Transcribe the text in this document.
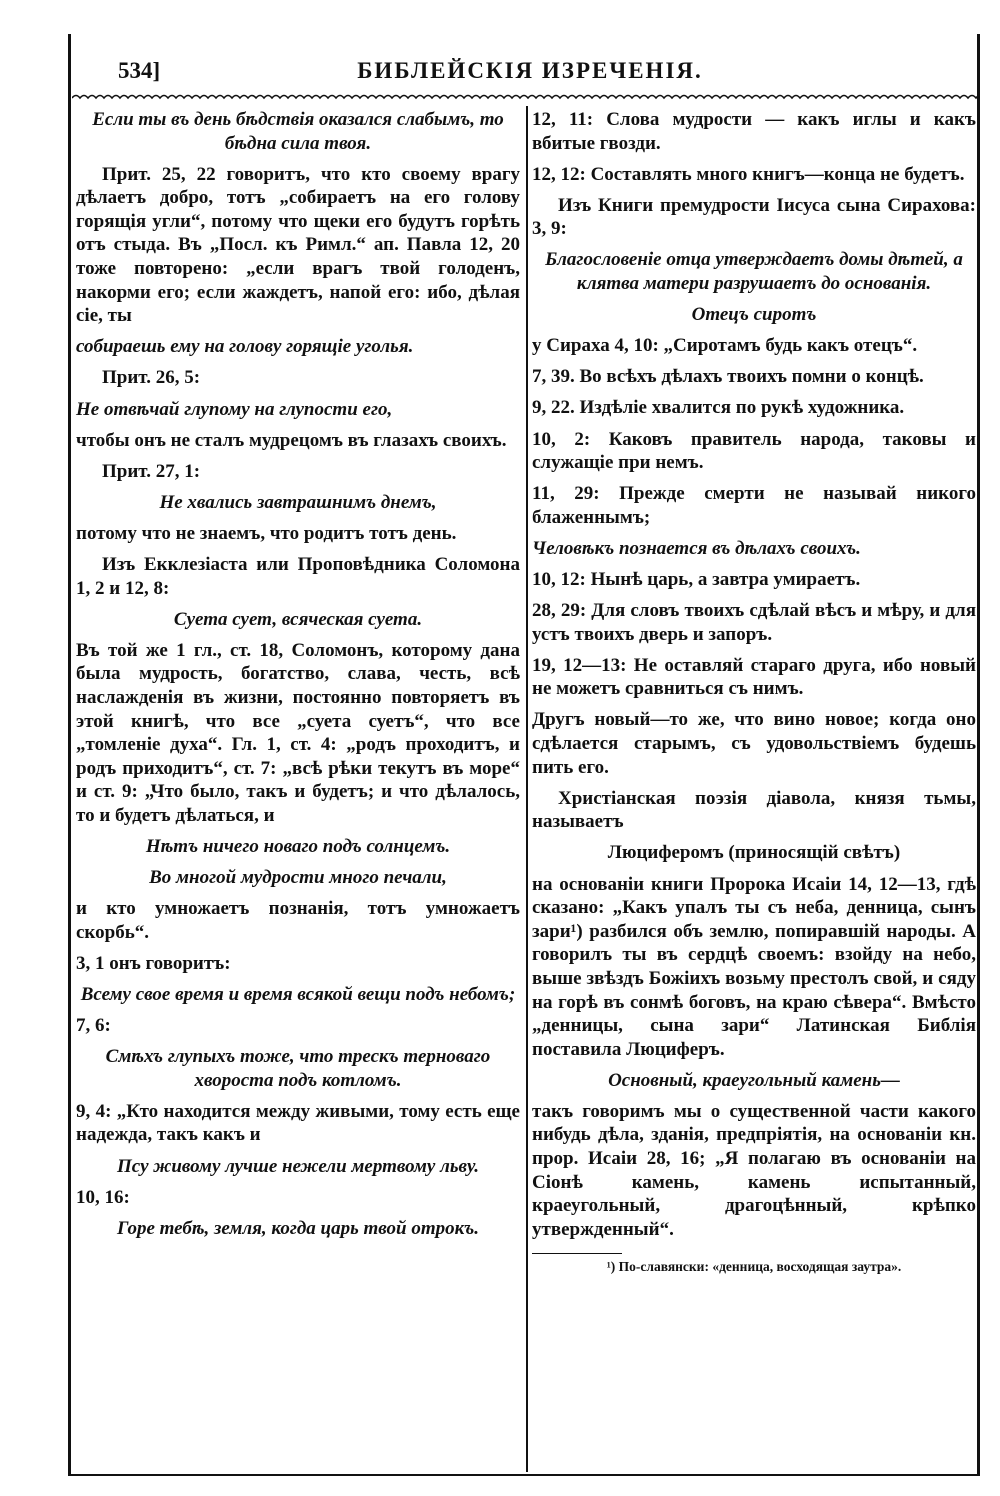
БИБЛЕЙСКІЯ ИЗРЕЧЕНІЯ.
534]

Если ты въ день бѣдствія оказался слабымъ, то бѣдна сила твоя.

Прит. 25, 22 говоритъ, что кто своему врагу дѣлаетъ добро, тотъ „собираетъ на его голову горящія угли“, потому что щеки его будутъ горѣть отъ стыда. Въ „Посл. къ Римл.“ ап. Павла 12, 20 тоже повторено: „если врагъ твой голоденъ, накорми его; если жаждетъ, напой его: ибо, дѣлая сіе, ты

собираешь ему на голову горящіе уголья.

Прит. 26, 5:

Не отвѣчай глупому на глупости его,

чтобы онъ не сталъ мудрецомъ въ глазахъ своихъ.

Прит. 27, 1:

Не хвались завтрашнимъ днемъ,

потому что не знаемъ, что родитъ тотъ день.

Изъ Екклезіаста или Проповѣдника Соломона 1, 2 и 12, 8:

Суета сует, всяческая суета.

Въ той же 1 гл., ст. 18, Соломонъ, которому дана была мудрость, богатство, слава, честь, всѣ наслажденія въ жизни, постоянно повторяетъ въ этой книгѣ, что все „суета суетъ“, что все „томленіе духа“. Гл. 1, ст. 4: „родъ проходитъ, и родъ приходитъ“, ст. 7: „всѣ рѣки текутъ въ море“ и ст. 9: „Что было, такъ и будетъ; и что дѣлалось, то и будетъ дѣлаться, и

Нѣтъ ничего новаго подъ солнцемъ.

Во многой мудрости много печали,

и кто умножаетъ познанія, тотъ умножаетъ скорбь“.

3, 1 онъ говоритъ:

Всему свое время и время всякой вещи подъ небомъ;

7, 6:

Смѣхъ глупыхъ тоже, что трескъ терноваго хвороста подъ котломъ.

9, 4: „Кто находится между живыми, тому есть еще надежда, такъ какъ и

Псу живому лучше нежели мертвому льву.

10, 16:

Горе тебѣ, земля, когда царь твой отрокъ.

12, 11: Слова мудрости — какъ иглы и какъ вбитые гвозди.

12, 12: Составлять много книгъ—конца не будетъ.

Изъ Книги премудрости Іисуса сына Сирахова: 3, 9:

Благословеніе отца утверждаетъ домы дѣтей, а клятва матери разрушаетъ до основанія.

Отецъ сиротъ

у Сираха 4, 10: „Сиротамъ будь какъ отецъ“.

7, 39. Во всѣхъ дѣлахъ твоихъ помни о концѣ.

9, 22. Издѣліе хвалится по рукѣ художника.

10, 2: Каковъ правитель народа, таковы и служащіе при немъ.

11, 29: Прежде смерти не называй никого блаженнымъ;

Человѣкъ познается въ дѣлахъ своихъ.

10, 12: Нынѣ царь, а завтра умираетъ.

28, 29: Для словъ твоихъ сдѣлай вѣсъ и мѣру, и для устъ твоихъ дверь и запоръ.

19, 12—13: Не оставляй стараго друга, ибо новый не можетъ сравниться съ нимъ.

Другъ новый—то же, что вино новое; когда оно сдѣлается старымъ, съ удовольствіемъ будешь пить его.

Христіанская поэзія діавола, князя тьмы, называетъ

Люциферомъ (приносящій свѣтъ)

на основаніи книги Пророка Исаіи 14, 12—13, гдѣ сказано: „Какъ упалъ ты съ неба, денница, сынъ зари¹) разбился объ землю, попиравшій народы. А говорилъ ты въ сердцѣ своемъ: взойду на небо, выше звѣздъ Божіихъ возьму престолъ свой, и сяду на горѣ въ сонмѣ боговъ, на краю сѣвера“. Вмѣсто „денницы, сына зари“ Латинская Библія поставила Люциферъ.

Основный, краеугольный камень—

такъ говоримъ мы о существенной части какого нибудь дѣла, зданія, предпріятія, на основаніи кн. прор. Исаіи 28, 16; „Я полагаю въ основаніи на Сіонѣ камень, камень испытанный, краеугольный, драгоцѣнный, крѣпко утвержденный“.

¹) По-славянски: «денница, восходящая заутра».
